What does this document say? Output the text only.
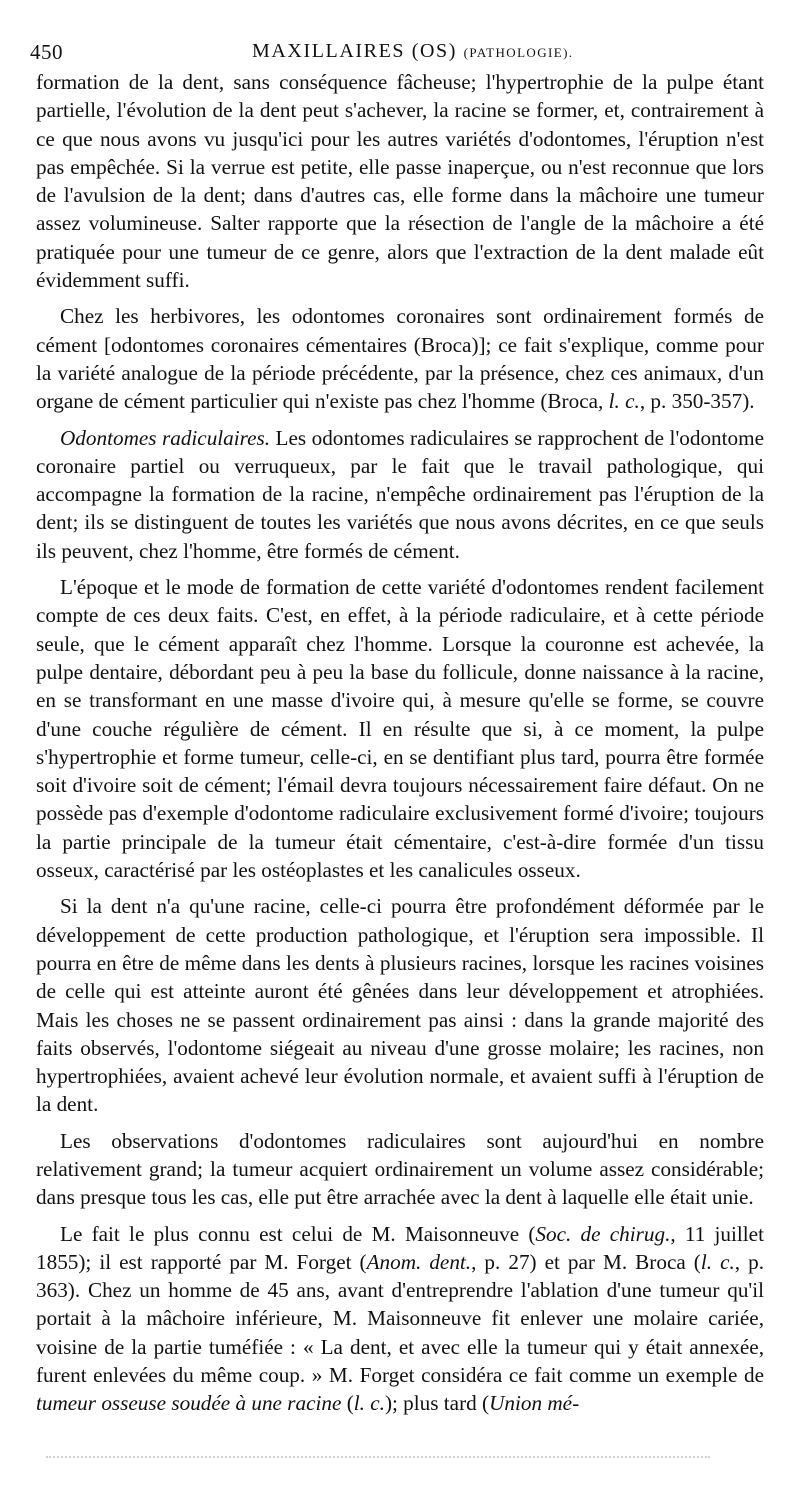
450	MAXILLAIRES (OS) (PATHOLOGIE).

formation de la dent, sans conséquence fâcheuse; l'hypertrophie de la pulpe étant partielle, l'évolution de la dent peut s'achever, la racine se former, et, contrairement à ce que nous avons vu jusqu'ici pour les autres variétés d'odontomes, l'éruption n'est pas empêchée. Si la verrue est petite, elle passe inaperçue, ou n'est reconnue que lors de l'avulsion de la dent; dans d'autres cas, elle forme dans la mâchoire une tumeur assez volumineuse. Salter rapporte que la résection de l'angle de la mâchoire a été pratiquée pour une tumeur de ce genre, alors que l'extraction de la dent malade eût évidemment suffi.

Chez les herbivores, les odontomes coronaires sont ordinairement formés de cément [odontomes coronaires cémentaires (Broca)]; ce fait s'explique, comme pour la variété analogue de la période précédente, par la présence, chez ces animaux, d'un organe de cément particulier qui n'existe pas chez l'homme (Broca, l. c., p. 350-357).

Odontomes radiculaires. Les odontomes radiculaires se rapprochent de l'odontome coronaire partiel ou verruqueux, par le fait que le travail pathologique, qui accompagne la formation de la racine, n'empêche ordinairement pas l'éruption de la dent; ils se distinguent de toutes les variétés que nous avons décrites, en ce que seuls ils peuvent, chez l'homme, être formés de cément.

L'époque et le mode de formation de cette variété d'odontomes rendent facilement compte de ces deux faits. C'est, en effet, à la période radiculaire, et à cette période seule, que le cément apparaît chez l'homme. Lorsque la couronne est achevée, la pulpe dentaire, débordant peu à peu la base du follicule, donne naissance à la racine, en se transformant en une masse d'ivoire qui, à mesure qu'elle se forme, se couvre d'une couche régulière de cément. Il en résulte que si, à ce moment, la pulpe s'hypertrophie et forme tumeur, celle-ci, en se dentifiant plus tard, pourra être formée soit d'ivoire soit de cément; l'émail devra toujours nécessairement faire défaut. On ne possède pas d'exemple d'odontome radiculaire exclusivement formé d'ivoire; toujours la partie principale de la tumeur était cémentaire, c'est-à-dire formée d'un tissu osseux, caractérisé par les ostéoplastes et les canalicules osseux.

Si la dent n'a qu'une racine, celle-ci pourra être profondément déformée par le développement de cette production pathologique, et l'éruption sera impossible. Il pourra en être de même dans les dents à plusieurs racines, lorsque les racines voisines de celle qui est atteinte auront été gênées dans leur développement et atrophiées. Mais les choses ne se passent ordinairement pas ainsi : dans la grande majorité des faits observés, l'odontome siégeait au niveau d'une grosse molaire; les racines, non hypertrophiées, avaient achevé leur évolution normale, et avaient suffi à l'éruption de la dent.

Les observations d'odontomes radiculaires sont aujourd'hui en nombre relativement grand; la tumeur acquiert ordinairement un volume assez considérable; dans presque tous les cas, elle put être arrachée avec la dent à laquelle elle était unie.

Le fait le plus connu est celui de M. Maisonneuve (Soc. de chirug., 11 juillet 1855); il est rapporté par M. Forget (Anom. dent., p. 27) et par M. Broca (l. c., p. 363). Chez un homme de 45 ans, avant d'entreprendre l'ablation d'une tumeur qu'il portait à la mâchoire inférieure, M. Maisonneuve fit enlever une molaire cariée, voisine de la partie tuméfiée : « La dent, et avec elle la tumeur qui y était annexée, furent enlevées du même coup. » M. Forget considéra ce fait comme un exemple de tumeur osseuse soudée à une racine (l. c.); plus tard (Union mé-
